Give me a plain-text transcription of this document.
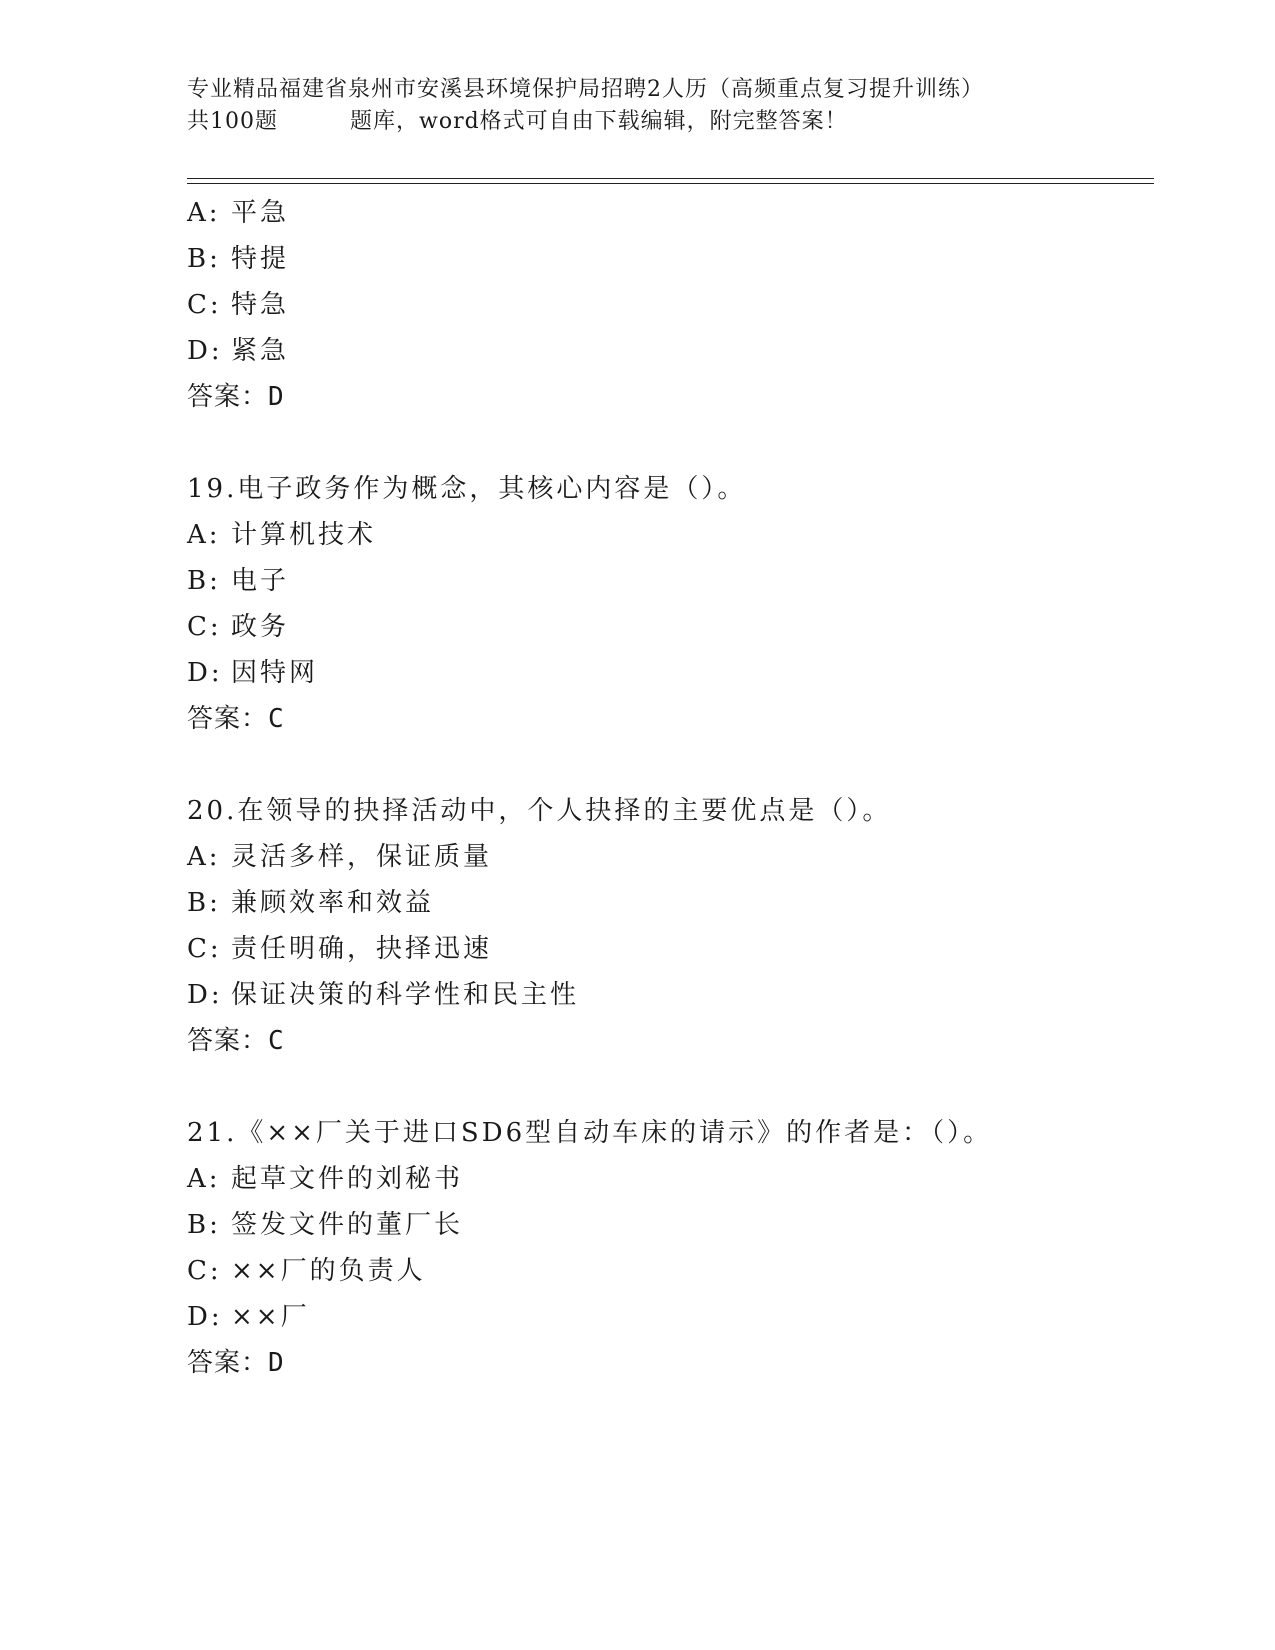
专业精品福建省泉州市安溪县环境保护局招聘2人历（高频重点复习提升训练）
共100题	题库，word格式可自由下载编辑，附完整答案！
A: 平急
B: 特提
C: 特急
D: 紧急
答案：D
19.电子政务作为概念，其核心内容是（）。
A: 计算机技术
B: 电子
C: 政务
D: 因特网
答案：C
20.在领导的抉择活动中，个人抉择的主要优点是（）。
A: 灵活多样，保证质量
B: 兼顾效率和效益
C: 责任明确，抉择迅速
D: 保证决策的科学性和民主性
答案：C
21.《××厂关于进口SD6型自动车床的请示》的作者是：（）。
A: 起草文件的刘秘书
B: 签发文件的董厂长
C: ××厂的负责人
D: ××厂
答案：D
